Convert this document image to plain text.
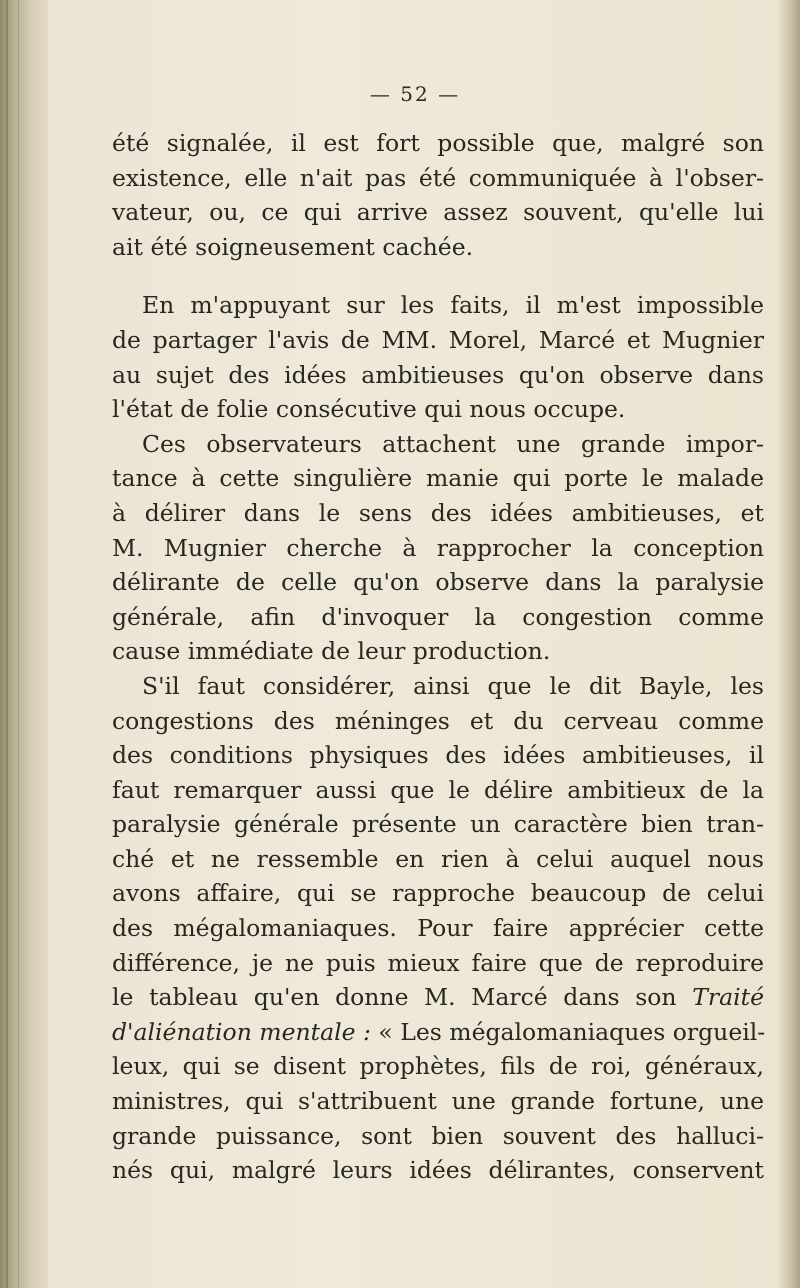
— 52 —
été signalée, il est fort possible que, malgré son
existence, elle n'ait pas été communiquée à l'obser-
vateur, ou, ce qui arrive assez souvent, qu'elle lui
ait été soigneusement cachée.
En m'appuyant sur les faits, il m'est impossible
de partager l'avis de MM. Morel, Marcé et Mugnier
au sujet des idées ambitieuses qu'on observe dans
l'état de folie consécutive qui nous occupe.
Ces observateurs attachent une grande impor-
tance à cette singulière manie qui porte le malade
à délirer dans le sens des idées ambitieuses, et
M. Mugnier cherche à rapprocher la conception
délirante de celle qu'on observe dans la paralysie
générale, afin d'invoquer la congestion comme
cause immédiate de leur production.
S'il faut considérer, ainsi que le dit Bayle, les
congestions des méninges et du cerveau comme
des conditions physiques des idées ambitieuses, il
faut remarquer aussi que le délire ambitieux de la
paralysie générale présente un caractère bien tran-
ché et ne ressemble en rien à celui auquel nous
avons affaire, qui se rapproche beaucoup de celui
des mégalomaniaques. Pour faire apprécier cette
différence, je ne puis mieux faire que de reproduire
le tableau qu'en donne M. Marcé dans son Traité
d'aliénation mentale : « Les mégalomaniaques orgueil-
leux, qui se disent prophètes, fils de roi, généraux,
ministres, qui s'attribuent une grande fortune, une
grande puissance, sont bien souvent des halluci-
nés qui, malgré leurs idées délirantes, conservent
